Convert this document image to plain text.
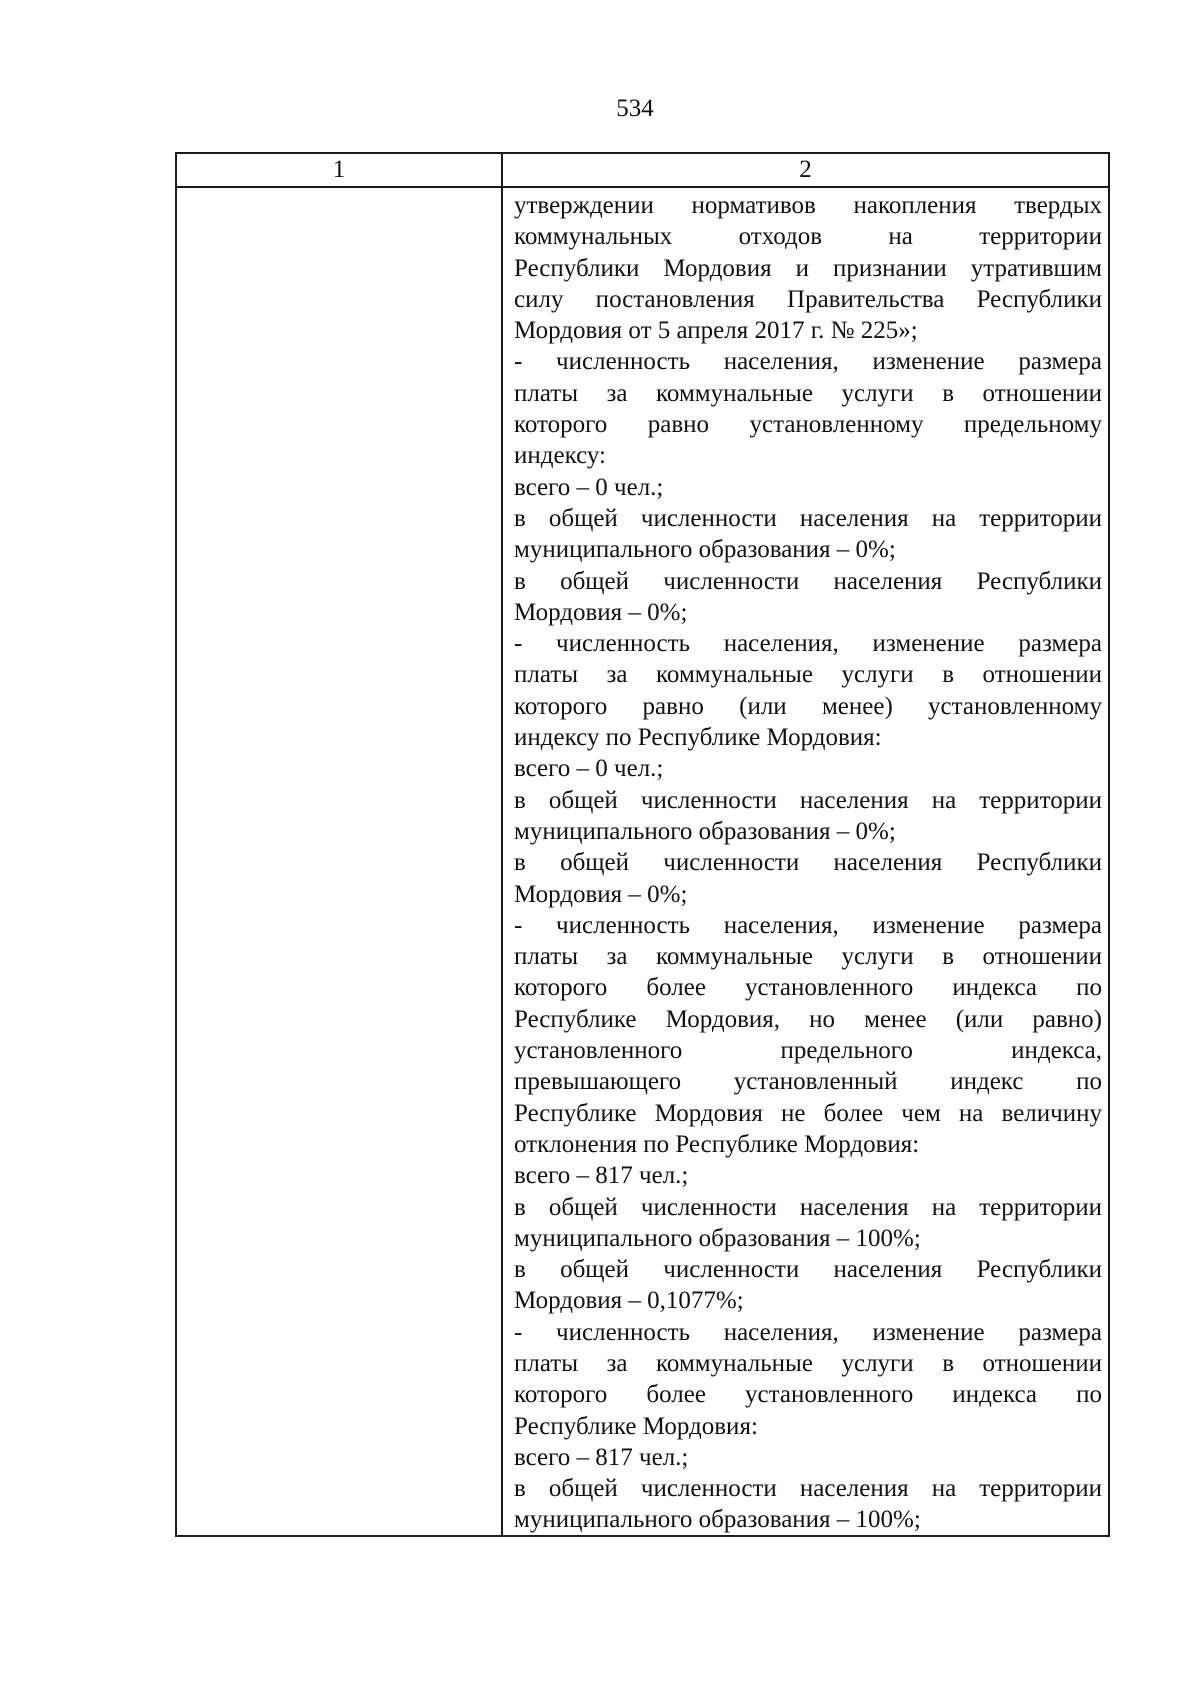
534
1	2
утверждении нормативов накопления твердых
коммунальных отходов на территории
Республики Мордовия и признании утратившим
силу постановления Правительства Республики
Мордовия от 5 апреля 2017 г. № 225»;
- численность населения, изменение размера
платы за коммунальные услуги в отношении
которого равно установленному предельному
индексу:
всего – 0 чел.;
в общей численности населения на территории
муниципального образования – 0%;
в общей численности населения Республики
Мордовия – 0%;
- численность населения, изменение размера
платы за коммунальные услуги в отношении
которого равно (или менее) установленному
индексу по Республике Мордовия:
всего – 0 чел.;
в общей численности населения на территории
муниципального образования – 0%;
в общей численности населения Республики
Мордовия – 0%;
- численность населения, изменение размера
платы за коммунальные услуги в отношении
которого более установленного индекса по
Республике Мордовия, но менее (или равно)
установленного предельного индекса,
превышающего установленный индекс по
Республике Мордовия не более чем на величину
отклонения по Республике Мордовия:
всего – 817 чел.;
в общей численности населения на территории
муниципального образования – 100%;
в общей численности населения Республики
Мордовия – 0,1077%;
- численность населения, изменение размера
платы за коммунальные услуги в отношении
которого более установленного индекса по
Республике Мордовия:
всего – 817 чел.;
в общей численности населения на территории
муниципального образования – 100%;
